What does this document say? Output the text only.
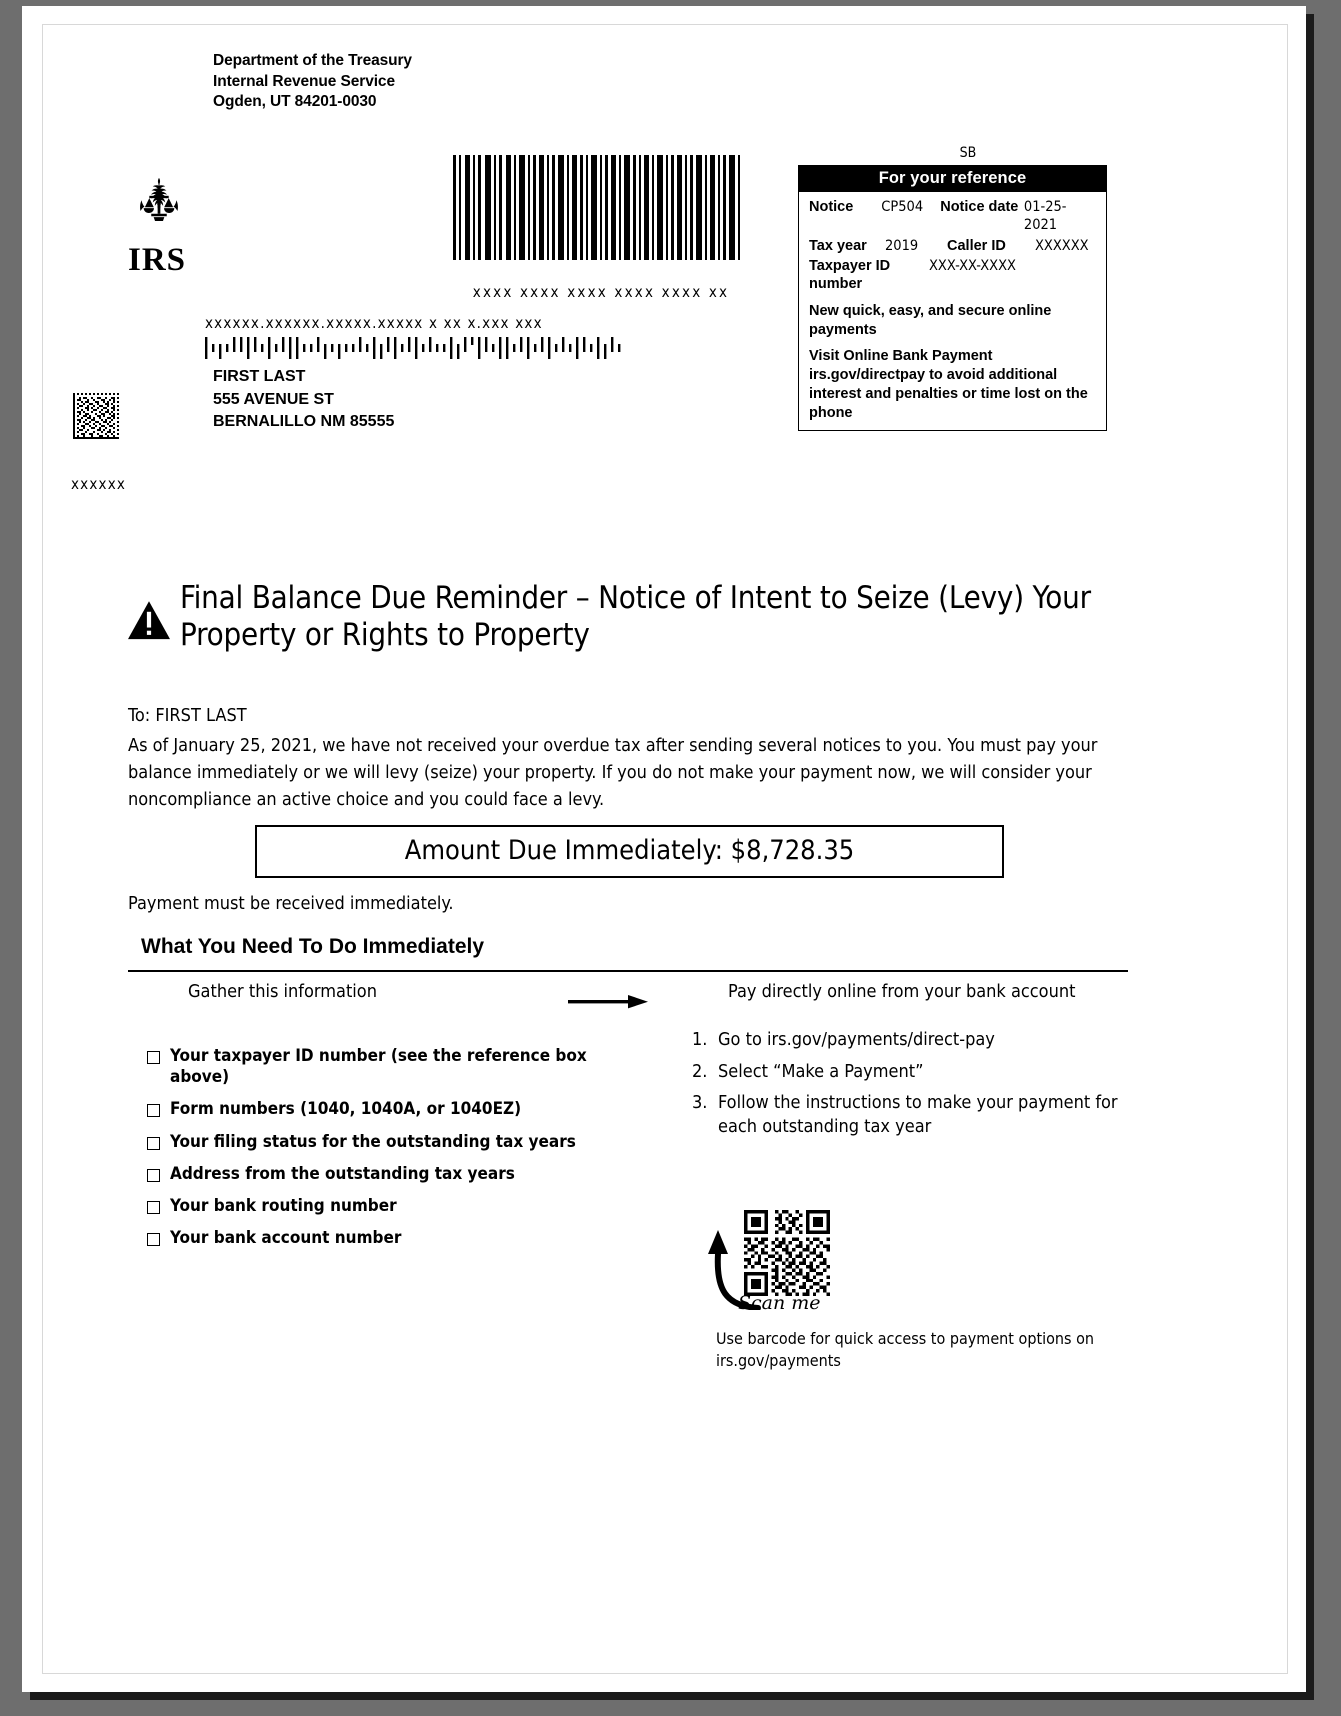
IRS
Department of the Treasury
Internal Revenue Service
Ogden, UT 84201-0030
xxxx xxxx xxxx xxxx xxxx xx
xxxxxx.xxxxxx.xxxxx.xxxxx x xx x.xxx xxx
FIRST LAST
555 AVENUE ST
BERNALILLO NM 85555
xxxxxx
SB
For your reference
Notice	CP504	Notice date 01-25-2021
Tax year	2019	Caller ID	XXXXXX
Taxpayer ID number
XXX-XX-XXXX
New quick, easy, and secure online payments
Visit Online Bank Payment irs.gov/directpay to avoid additional interest and penalties or time lost on the phone
Final Balance Due Reminder – Notice of Intent to Seize (Levy) Your Property or Rights to Property
To: FIRST LAST
As of January 25, 2021, we have not received your overdue tax after sending several notices to you. You must pay your balance immediately or we will levy (seize) your property. If you do not make your payment now, we will consider your noncompliance an active choice and you could face a levy.
Amount Due Immediately: $8,728.35
Payment must be received immediately.
What You Need To Do Immediately
Gather this information
Your taxpayer ID number (see the reference box above)
Form numbers (1040, 1040A, or 1040EZ)
Your filing status for the outstanding tax years
Address from the outstanding tax years
Your bank routing number
Your bank account number
Pay directly online from your bank account
1. Go to irs.gov/payments/direct-pay
2. Select “Make a Payment”
3. Follow the instructions to make your payment for each outstanding tax year
Scan me
Use barcode for quick access to payment options on irs.gov/payments
